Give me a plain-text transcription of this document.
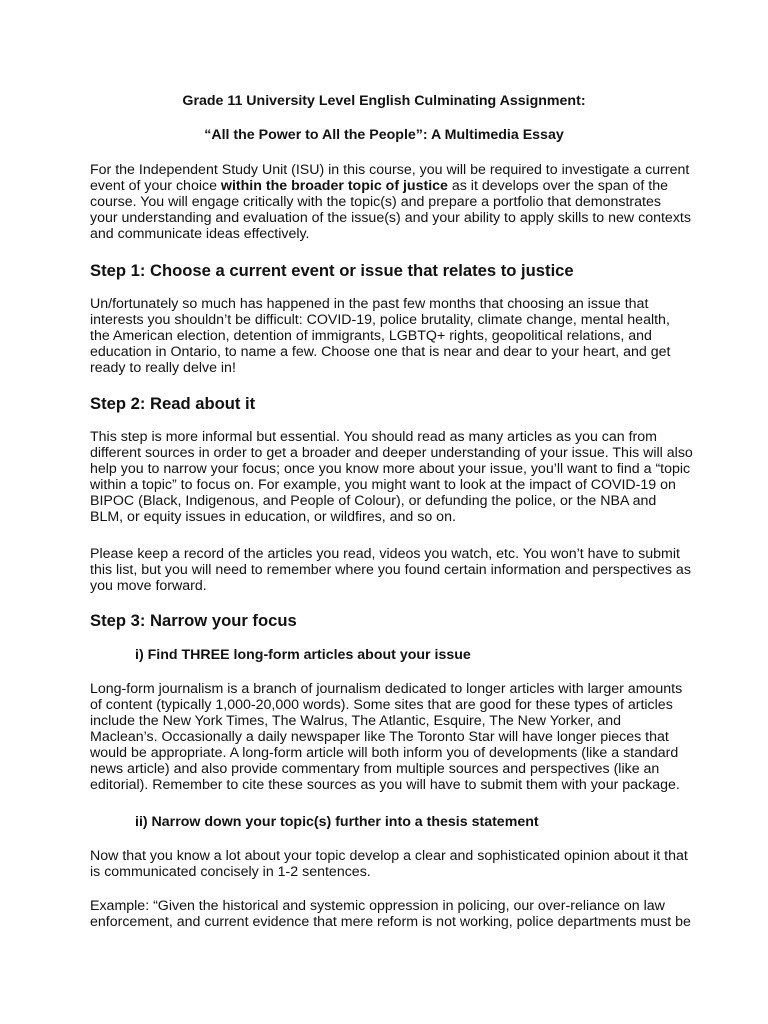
Grade 11 University Level English Culminating Assignment:
“All the Power to All the People”: A Multimedia Essay

For the Independent Study Unit (ISU) in this course, you will be required to investigate a current
event of your choice within the broader topic of justice as it develops over the span of the
course. You will engage critically with the topic(s) and prepare a portfolio that demonstrates
your understanding and evaluation of the issue(s) and your ability to apply skills to new contexts
and communicate ideas effectively.

Step 1: Choose a current event or issue that relates to justice

Un/fortunately so much has happened in the past few months that choosing an issue that
interests you shouldn’t be difficult: COVID-19, police brutality, climate change, mental health,
the American election, detention of immigrants, LGBTQ+ rights, geopolitical relations, and
education in Ontario, to name a few. Choose one that is near and dear to your heart, and get
ready to really delve in!

Step 2: Read about it

This step is more informal but essential. You should read as many articles as you can from
different sources in order to get a broader and deeper understanding of your issue. This will also
help you to narrow your focus; once you know more about your issue, you’ll want to find a “topic
within a topic” to focus on. For example, you might want to look at the impact of COVID-19 on
BIPOC (Black, Indigenous, and People of Colour), or defunding the police, or the NBA and
BLM, or equity issues in education, or wildfires, and so on.

Please keep a record of the articles you read, videos you watch, etc. You won’t have to submit
this list, but you will need to remember where you found certain information and perspectives as
you move forward.

Step 3: Narrow your focus
i) Find THREE long-form articles about your issue

Long-form journalism is a branch of journalism dedicated to longer articles with larger amounts
of content (typically 1,000-20,000 words). Some sites that are good for these types of articles
include the New York Times, The Walrus, The Atlantic, Esquire, The New Yorker, and
Maclean’s. Occasionally a daily newspaper like The Toronto Star will have longer pieces that
would be appropriate. A long-form article will both inform you of developments (like a standard
news article) and also provide commentary from multiple sources and perspectives (like an
editorial). Remember to cite these sources as you will have to submit them with your package.

ii) Narrow down your topic(s) further into a thesis statement

Now that you know a lot about your topic develop a clear and sophisticated opinion about it that
is communicated concisely in 1-2 sentences.

Example: “Given the historical and systemic oppression in policing, our over-reliance on law
enforcement, and current evidence that mere reform is not working, police departments must be
